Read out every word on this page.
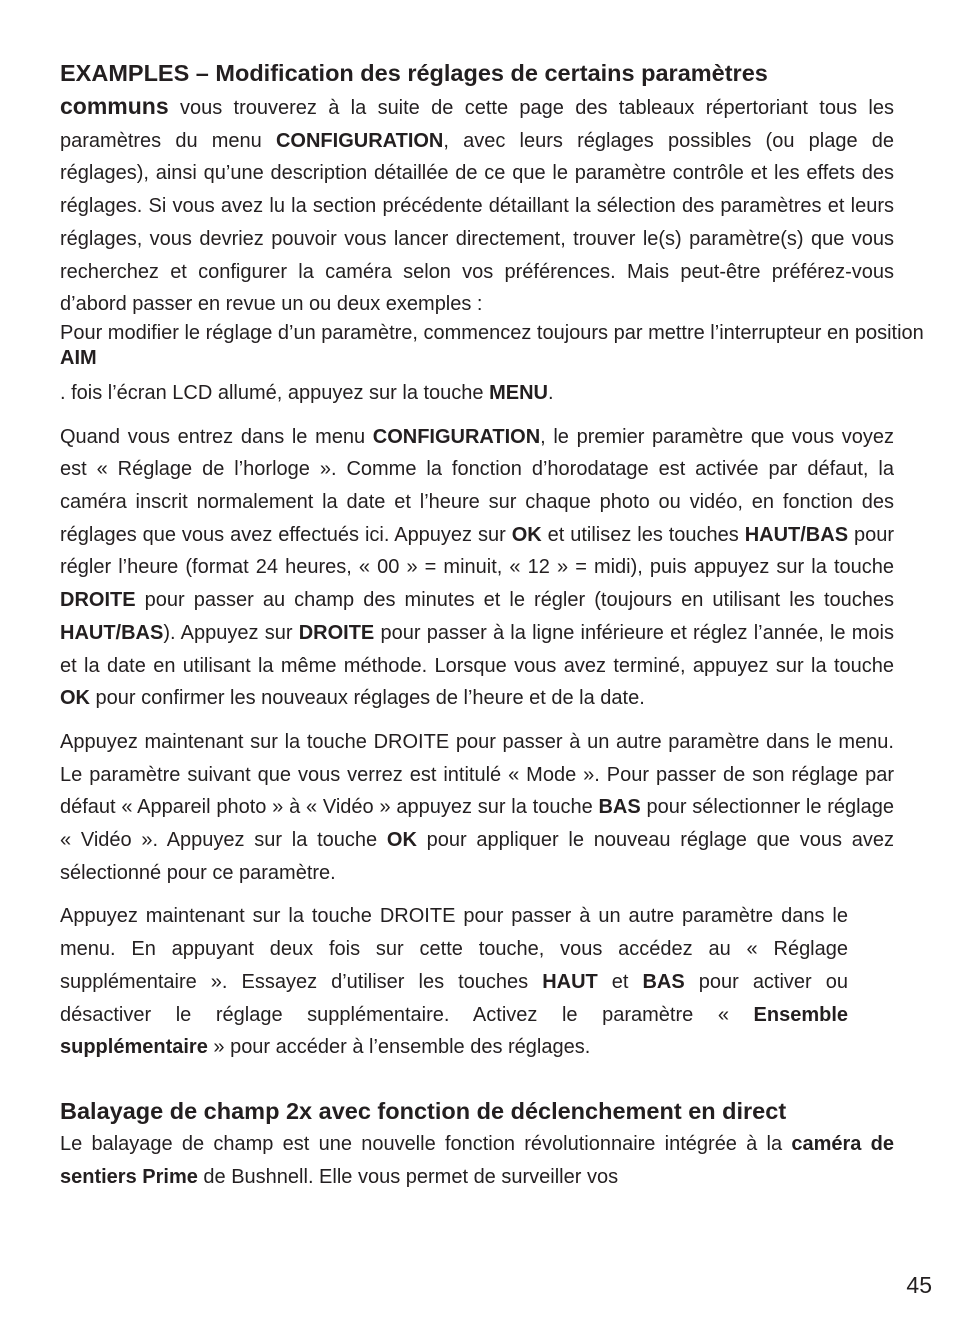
EXAMPLES – Modification des réglages de certains paramètres

communs vous trouverez à la suite de cette page des tableaux répertoriant tous les paramètres du menu CONFIGURATION, avec leurs réglages possibles (ou plage de réglages), ainsi qu’une description détaillée de ce que le paramètre contrôle et les effets des réglages. Si vous avez lu la section précédente détaillant la sélection des paramètres et leurs réglages, vous devriez pouvoir vous lancer directement, trouver le(s) paramètre(s) que vous recherchez et configurer la caméra selon vos préférences. Mais peut-être préférez-vous d’abord passer en revue un ou deux exemples :

Pour modifier le réglage d’un paramètre, commencez toujours par mettre l’interrupteur en position AIM

. fois l’écran LCD allumé, appuyez sur la touche MENU.

Quand vous entrez dans le menu CONFIGURATION, le premier paramètre que vous voyez est « Réglage de l’horloge ». Comme la fonction d’horodatage est activée par défaut, la caméra inscrit normalement la date et l’heure sur chaque photo ou vidéo, en fonction des réglages que vous avez effectués ici. Appuyez sur OK et utilisez les touches HAUT/BAS pour régler l’heure (format 24 heures, « 00 » = minuit, « 12 » = midi), puis appuyez sur la touche DROITE pour passer au champ des minutes et le régler (toujours en utilisant les touches HAUT/BAS). Appuyez sur DROITE pour passer à la ligne inférieure et réglez l’année, le mois et la date en utilisant la même méthode. Lorsque vous avez terminé, appuyez sur la touche OK pour confirmer les nouveaux réglages de l’heure et de la date.

Appuyez maintenant sur la touche DROITE pour passer à un autre paramètre dans le menu. Le paramètre suivant que vous verrez est intitulé « Mode ». Pour passer de son réglage par défaut « Appareil photo » à « Vidéo » appuyez sur la touche BAS pour sélectionner le réglage « Vidéo ». Appuyez sur la touche OK pour appliquer le nouveau réglage que vous avez sélectionné pour ce paramètre.

Appuyez maintenant sur la touche DROITE pour passer à un autre paramètre dans le menu. En appuyant deux fois sur cette touche, vous accédez au « Réglage supplémentaire ». Essayez d’utiliser les touches HAUT et BAS pour activer ou désactiver le réglage supplémentaire. Activez le paramètre « Ensemble supplémentaire » pour accéder à l’ensemble des réglages.

Balayage de champ 2x avec fonction de déclenchement en direct

Le balayage de champ est une nouvelle fonction révolutionnaire intégrée à la caméra de sentiers Prime de Bushnell. Elle vous permet de surveiller vos

45
